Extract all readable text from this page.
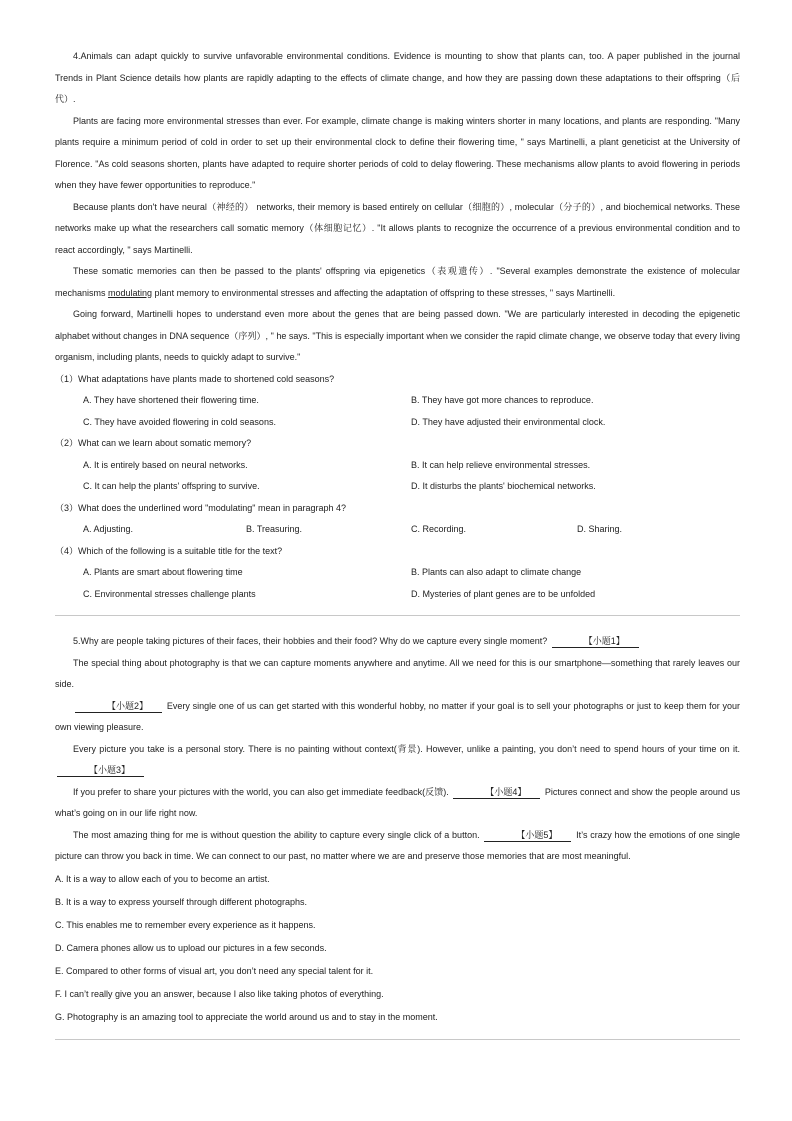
4.Animals can adapt quickly to survive unfavorable environmental conditions. Evidence is mounting to show that plants can, too. A paper published in the journal Trends in Plant Science details how plants are rapidly adapting to the effects of climate change, and how they are passing down these adaptations to their offspring（后代）.

Plants are facing more environmental stresses than ever. For example, climate change is making winters shorter in many locations, and plants are responding. "Many plants require a minimum period of cold in order to set up their environmental clock to define their flowering time, " says Martinelli, a plant geneticist at the University of Florence. "As cold seasons shorten, plants have adapted to require shorter periods of cold to delay flowering. These mechanisms allow plants to avoid flowering in periods when they have fewer opportunities to reproduce."

Because plants don't have neural（神经的） networks, their memory is based entirely on cellular（细胞的）, molecular（分子的）, and biochemical networks. These networks make up what the researchers call somatic memory（体细胞记忆）. "It allows plants to recognize the occurrence of a previous environmental condition and to react accordingly, " says Martinelli.

These somatic memories can then be passed to the plants' offspring via epigenetics（表观遗传）. "Several examples demonstrate the existence of molecular mechanisms modulating plant memory to environmental stresses and affecting the adaptation of offspring to these stresses, " says Martinelli.

Going forward, Martinelli hopes to understand even more about the genes that are being passed down. "We are particularly interested in decoding the epigenetic alphabet without changes in DNA sequence（序列）, " he says. "This is especially important when we consider the rapid climate change, we observe today that every living organism, including plants, needs to quickly adapt to survive."

（1）What adaptations have plants made to shortened cold seasons?

A. They have shortened their flowering time.	B. They have got more chances to reproduce.
C. They have avoided flowering in cold seasons.	D. They have adjusted their environmental clock.

（2）What can we learn about somatic memory?

A. It is entirely based on neural networks.	B. It can help relieve environmental stresses.
C. It can help the plants' offspring to survive.	D. It disturbs the plants' biochemical networks.

（3）What does the underlined word "modulating" mean in paragraph 4?

A. Adjusting.	B. Treasuring.	C. Recording.	D. Sharing.

（4）Which of the following is a suitable title for the text?

A. Plants are smart about flowering time	B. Plants can also adapt to climate change
C. Environmental stresses challenge plants	D. Mysteries of plant genes are to be unfolded

5.Why are people taking pictures of their faces, their hobbies and their food? Why do we capture every single moment?	【小题1】

The special thing about photography is that we can capture moments anywhere and anytime. All we need for this is our smartphone—something that rarely leaves our side.

【小题2】 Every single one of us can get started with this wonderful hobby, no matter if your goal is to sell your photographs or just to keep them for your own viewing pleasure.

Every picture you take is a personal story. There is no painting without context(背景). However, unlike a painting, you don’t need to spend hours of your time on it. 【小题3】

If you prefer to share your pictures with the world, you can also get immediate feedback(反馈).	【小题4】 Pictures connect and show the people around us what’s going on in our life right now.

The most amazing thing for me is without question the ability to capture every single click of a button.	【小题5】 It’s crazy how the emotions of one single picture can throw you back in time. We can connect to our past, no matter where we are and preserve those memories that are most meaningful.

A. It is a way to allow each of you to become an artist.

B. It is a way to express yourself through different photographs.

C. This enables me to remember every experience as it happens.

D. Camera phones allow us to upload our pictures in a few seconds.

E. Compared to other forms of visual art, you don’t need any special talent for it.

F. I can’t really give you an answer, because I also like taking photos of everything.

G. Photography is an amazing tool to appreciate the world around us and to stay in the moment.
